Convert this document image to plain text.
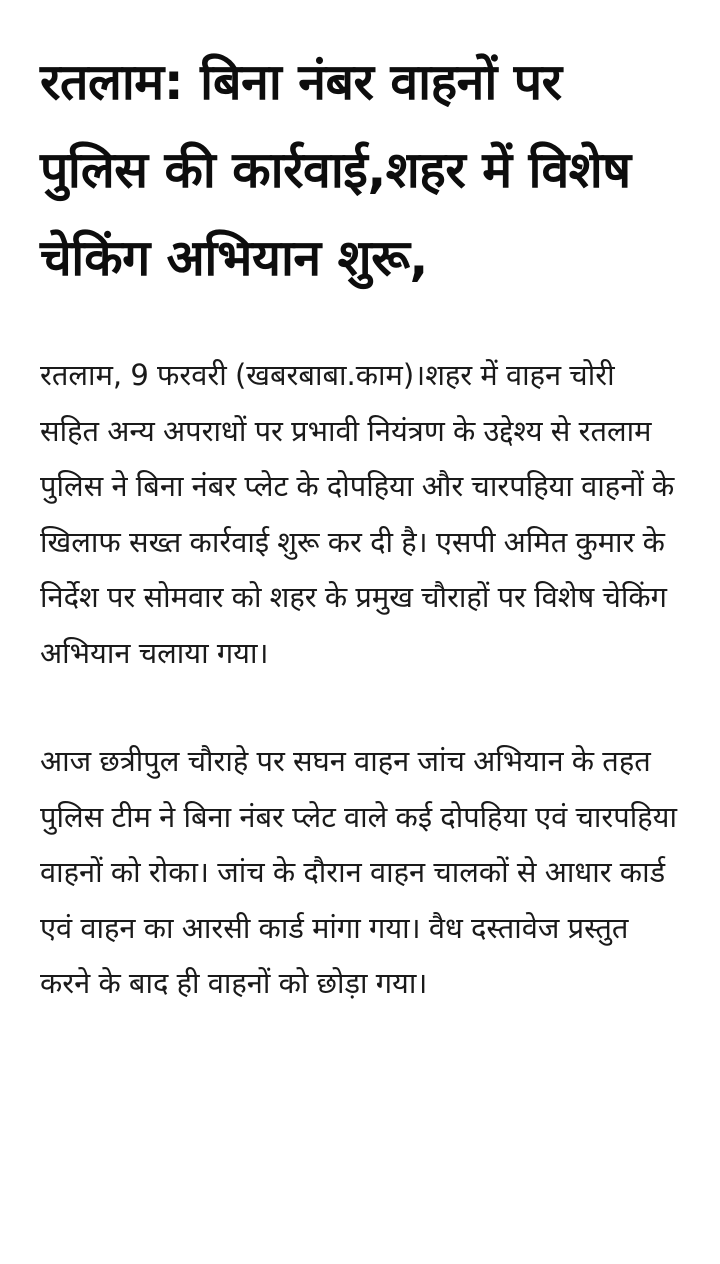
रतलाम: बिना नंबर वाहनों पर पुलिस की कार्रवाई,शहर में विशेष चेकिंग अभियान शुरू,

रतलाम, 9 फरवरी (खबरबाबा.काम)।शहर में वाहन चोरी सहित अन्य अपराधों पर प्रभावी नियंत्रण के उद्देश्य से रतलाम पुलिस ने बिना नंबर प्लेट के दोपहिया और चारपहिया वाहनों के खिलाफ सख्त कार्रवाई शुरू कर दी है। एसपी अमित कुमार के निर्देश पर सोमवार को शहर के प्रमुख चौराहों पर विशेष चेकिंग अभियान चलाया गया।

आज छत्रीपुल चौराहे पर सघन वाहन जांच अभियान के तहत पुलिस टीम ने बिना नंबर प्लेट वाले कई दोपहिया एवं चारपहिया वाहनों को रोका। जांच के दौरान वाहन चालकों से आधार कार्ड एवं वाहन का आरसी कार्ड मांगा गया। वैध दस्तावेज प्रस्तुत करने के बाद ही वाहनों को छोड़ा गया।
